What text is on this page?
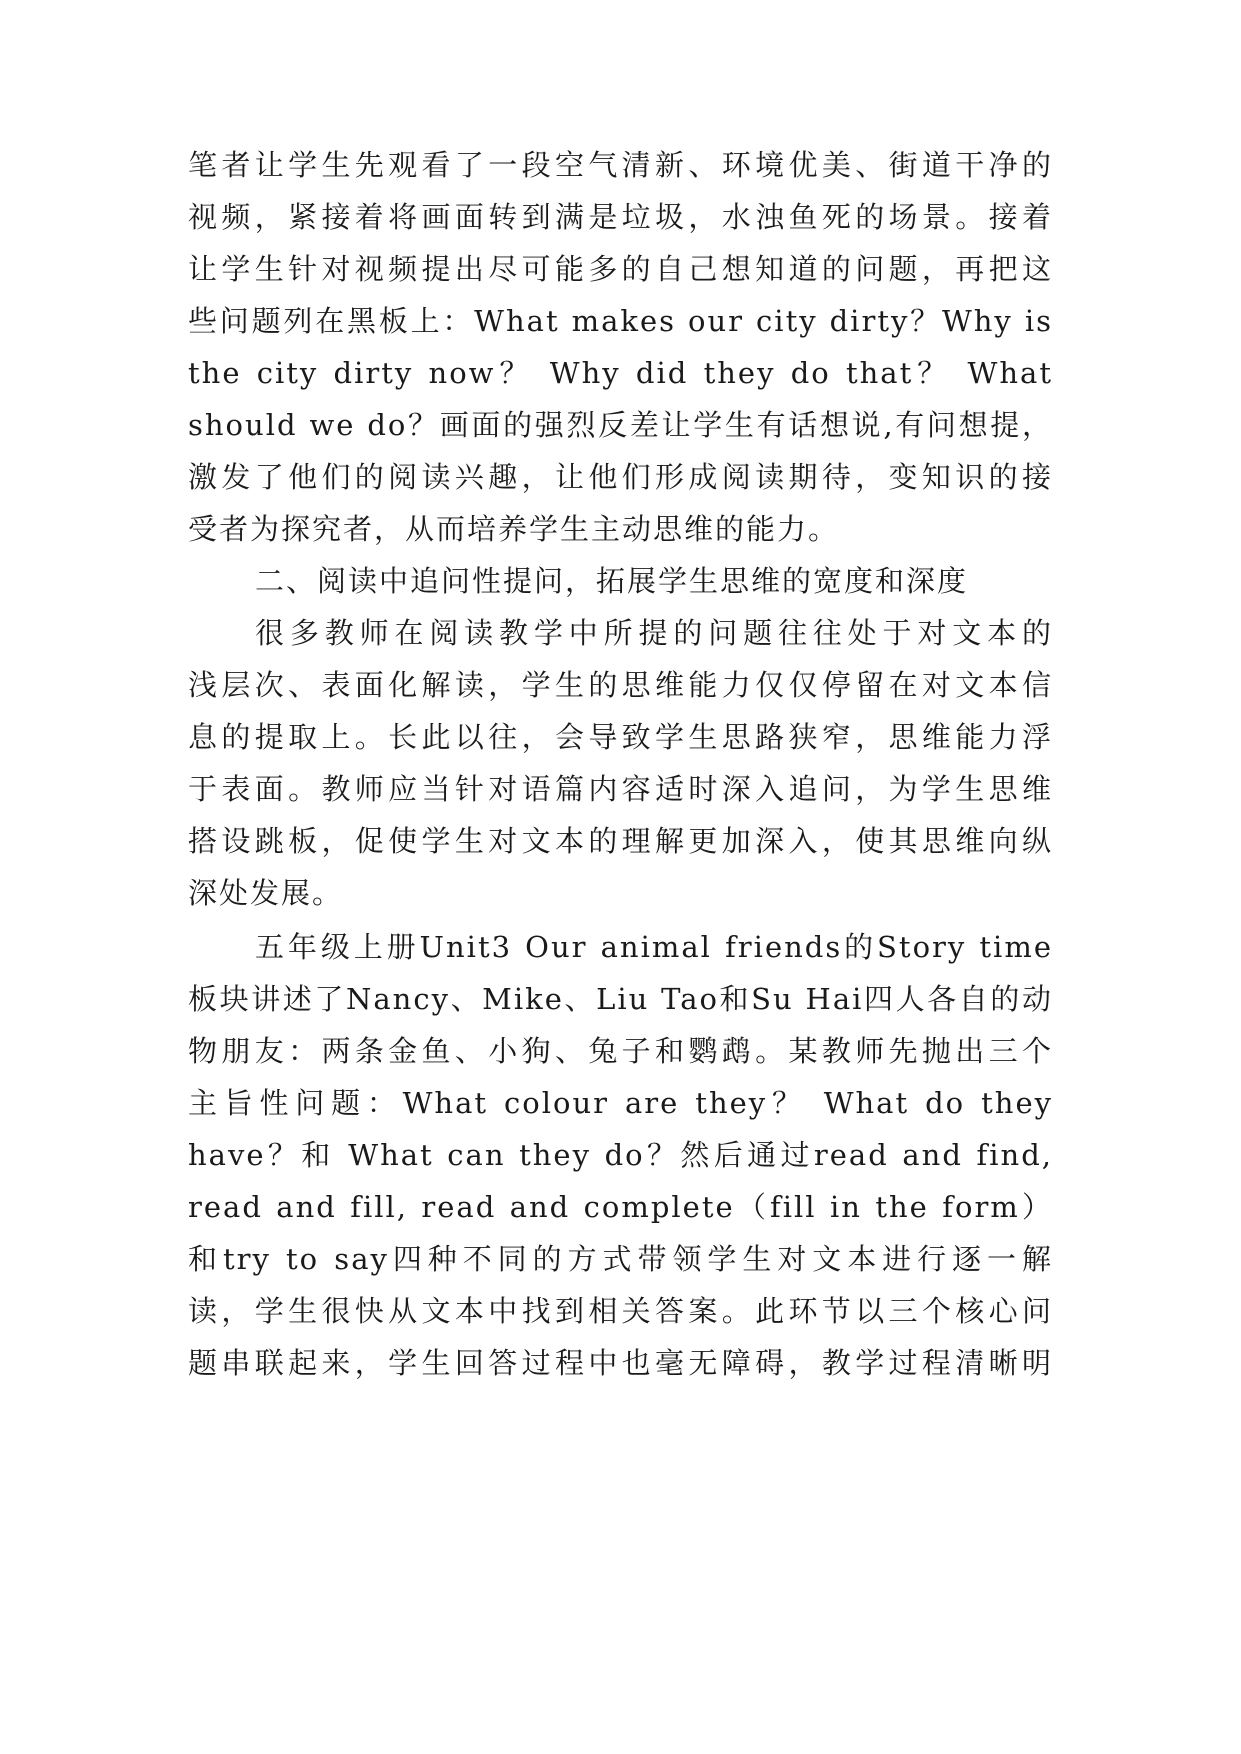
笔者让学生先观看了一段空气清新、环境优美、街道干净的
视频，紧接着将画面转到满是垃圾，水浊鱼死的场景。接着
让学生针对视频提出尽可能多的自己想知道的问题，再把这
些问题列在黑板上：What makes our city dirty？Why is
the city dirty now？ Why did they do that？ What
should we do？画面的强烈反差让学生有话想说,有问想提，
激发了他们的阅读兴趣，让他们形成阅读期待，变知识的接
受者为探究者，从而培养学生主动思维的能力。
二、阅读中追问性提问，拓展学生思维的宽度和深度
很多教师在阅读教学中所提的问题往往处于对文本的
浅层次、表面化解读，学生的思维能力仅仅停留在对文本信
息的提取上。长此以往，会导致学生思路狭窄，思维能力浮
于表面。教师应当针对语篇内容适时深入追问，为学生思维
搭设跳板，促使学生对文本的理解更加深入，使其思维向纵
深处发展。
五年级上册Unit3 Our animal friends的Story time
板块讲述了Nancy、Mike、Liu Tao和Su Hai四人各自的动
物朋友：两条金鱼、小狗、兔子和鹦鹉。某教师先抛出三个
主旨性问题：What colour are they？ What do they
have？和 What can they do？然后通过read and find,
read and fill, read and complete（fill in the form）
和try to say四种不同的方式带领学生对文本进行逐一解
读，学生很快从文本中找到相关答案。此环节以三个核心问
题串联起来，学生回答过程中也毫无障碍，教学过程清晰明
